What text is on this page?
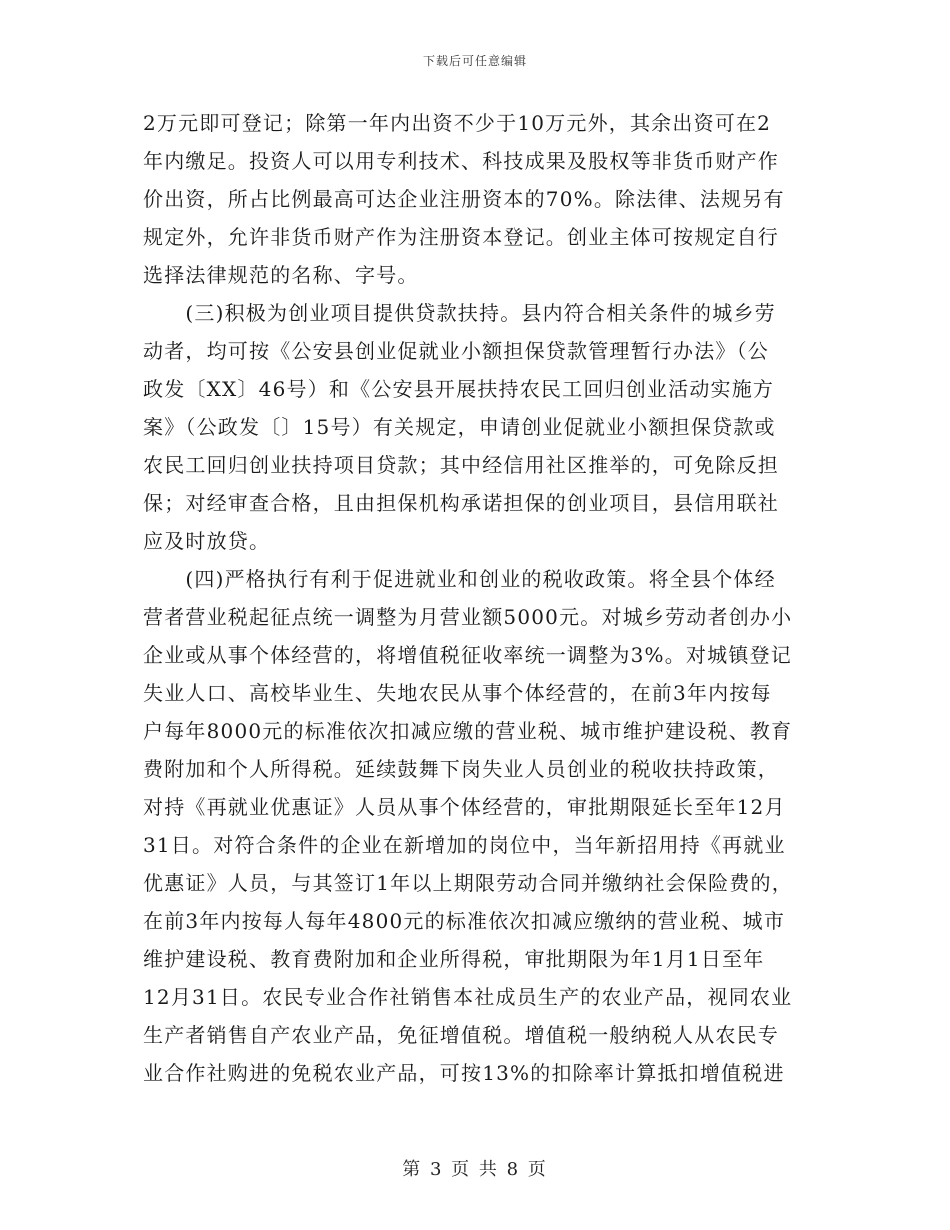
下载后可任意编辑
2万元即可登记；除第一年内出资不少于10万元外，其余出资可在2
年内缴足。投资人可以用专利技术、科技成果及股权等非货币财产作
价出资，所占比例最高可达企业注册资本的70%。除法律、法规另有
规定外，允许非货币财产作为注册资本登记。创业主体可按规定自行
选择法律规范的名称、字号。
　　(三)积极为创业项目提供贷款扶持。县内符合相关条件的城乡劳
动者，均可按《公安县创业促就业小额担保贷款管理暂行办法》（公
政发〔XX〕46号）和《公安县开展扶持农民工回归创业活动实施方
案》（公政发〔〕15号）有关规定，申请创业促就业小额担保贷款或
农民工回归创业扶持项目贷款；其中经信用社区推举的，可免除反担
保；对经审查合格，且由担保机构承诺担保的创业项目，县信用联社
应及时放贷。
　　(四)严格执行有利于促进就业和创业的税收政策。将全县个体经
营者营业税起征点统一调整为月营业额5000元。对城乡劳动者创办小
企业或从事个体经营的，将增值税征收率统一调整为3%。对城镇登记
失业人口、高校毕业生、失地农民从事个体经营的，在前3年内按每
户每年8000元的标准依次扣减应缴的营业税、城市维护建设税、教育
费附加和个人所得税。延续鼓舞下岗失业人员创业的税收扶持政策，
对持《再就业优惠证》人员从事个体经营的，审批期限延长至年12月
31日。对符合条件的企业在新增加的岗位中，当年新招用持《再就业
优惠证》人员，与其签订1年以上期限劳动合同并缴纳社会保险费的，
在前3年内按每人每年4800元的标准依次扣减应缴纳的营业税、城市
维护建设税、教育费附加和企业所得税，审批期限为年1月1日至年
12月31日。农民专业合作社销售本社成员生产的农业产品，视同农业
生产者销售自产农业产品，免征增值税。增值税一般纳税人从农民专
业合作社购进的免税农业产品，可按13%的扣除率计算抵扣增值税进
第 3 页 共 8 页
